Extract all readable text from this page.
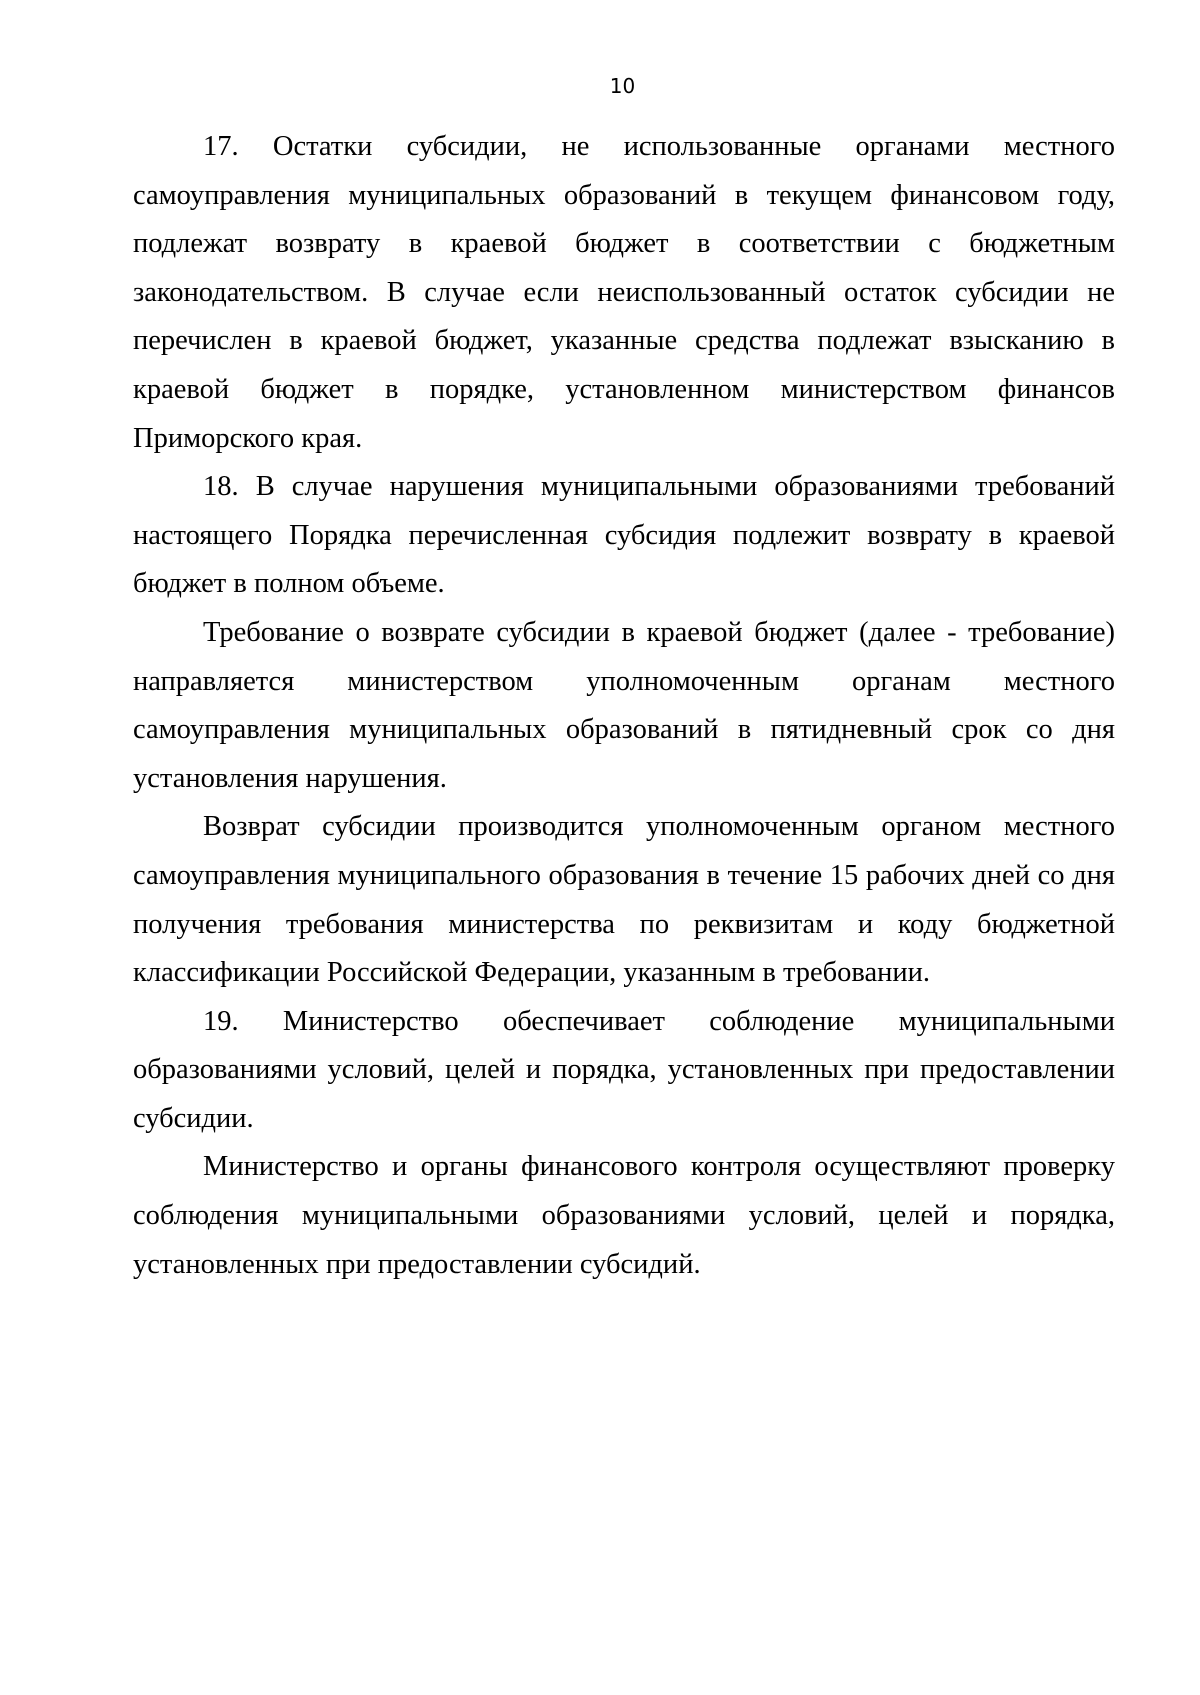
10
17. Остатки субсидии, не использованные органами местного
самоуправления муниципальных образований в текущем финансовом году,
подлежат возврату в краевой бюджет в соответствии с бюджетным
законодательством. В случае если неиспользованный остаток субсидии не
перечислен в краевой бюджет, указанные средства подлежат взысканию в
краевой бюджет в порядке, установленном министерством финансов
Приморского края.
18. В случае нарушения муниципальными образованиями требований
настоящего Порядка перечисленная субсидия подлежит возврату в краевой
бюджет в полном объеме.
Требование о возврате субсидии в краевой бюджет (далее - требование)
направляется министерством уполномоченным органам местного
самоуправления муниципальных образований в пятидневный срок со дня
установления нарушения.
Возврат субсидии производится уполномоченным органом местного
самоуправления муниципального образования в течение 15 рабочих дней со дня
получения требования министерства по реквизитам и коду бюджетной
классификации Российской Федерации, указанным в требовании.
19. Министерство обеспечивает соблюдение муниципальными
образованиями условий, целей и порядка, установленных при предоставлении
субсидии.
Министерство и органы финансового контроля осуществляют проверку
соблюдения муниципальными образованиями условий, целей и порядка,
установленных при предоставлении субсидий.
